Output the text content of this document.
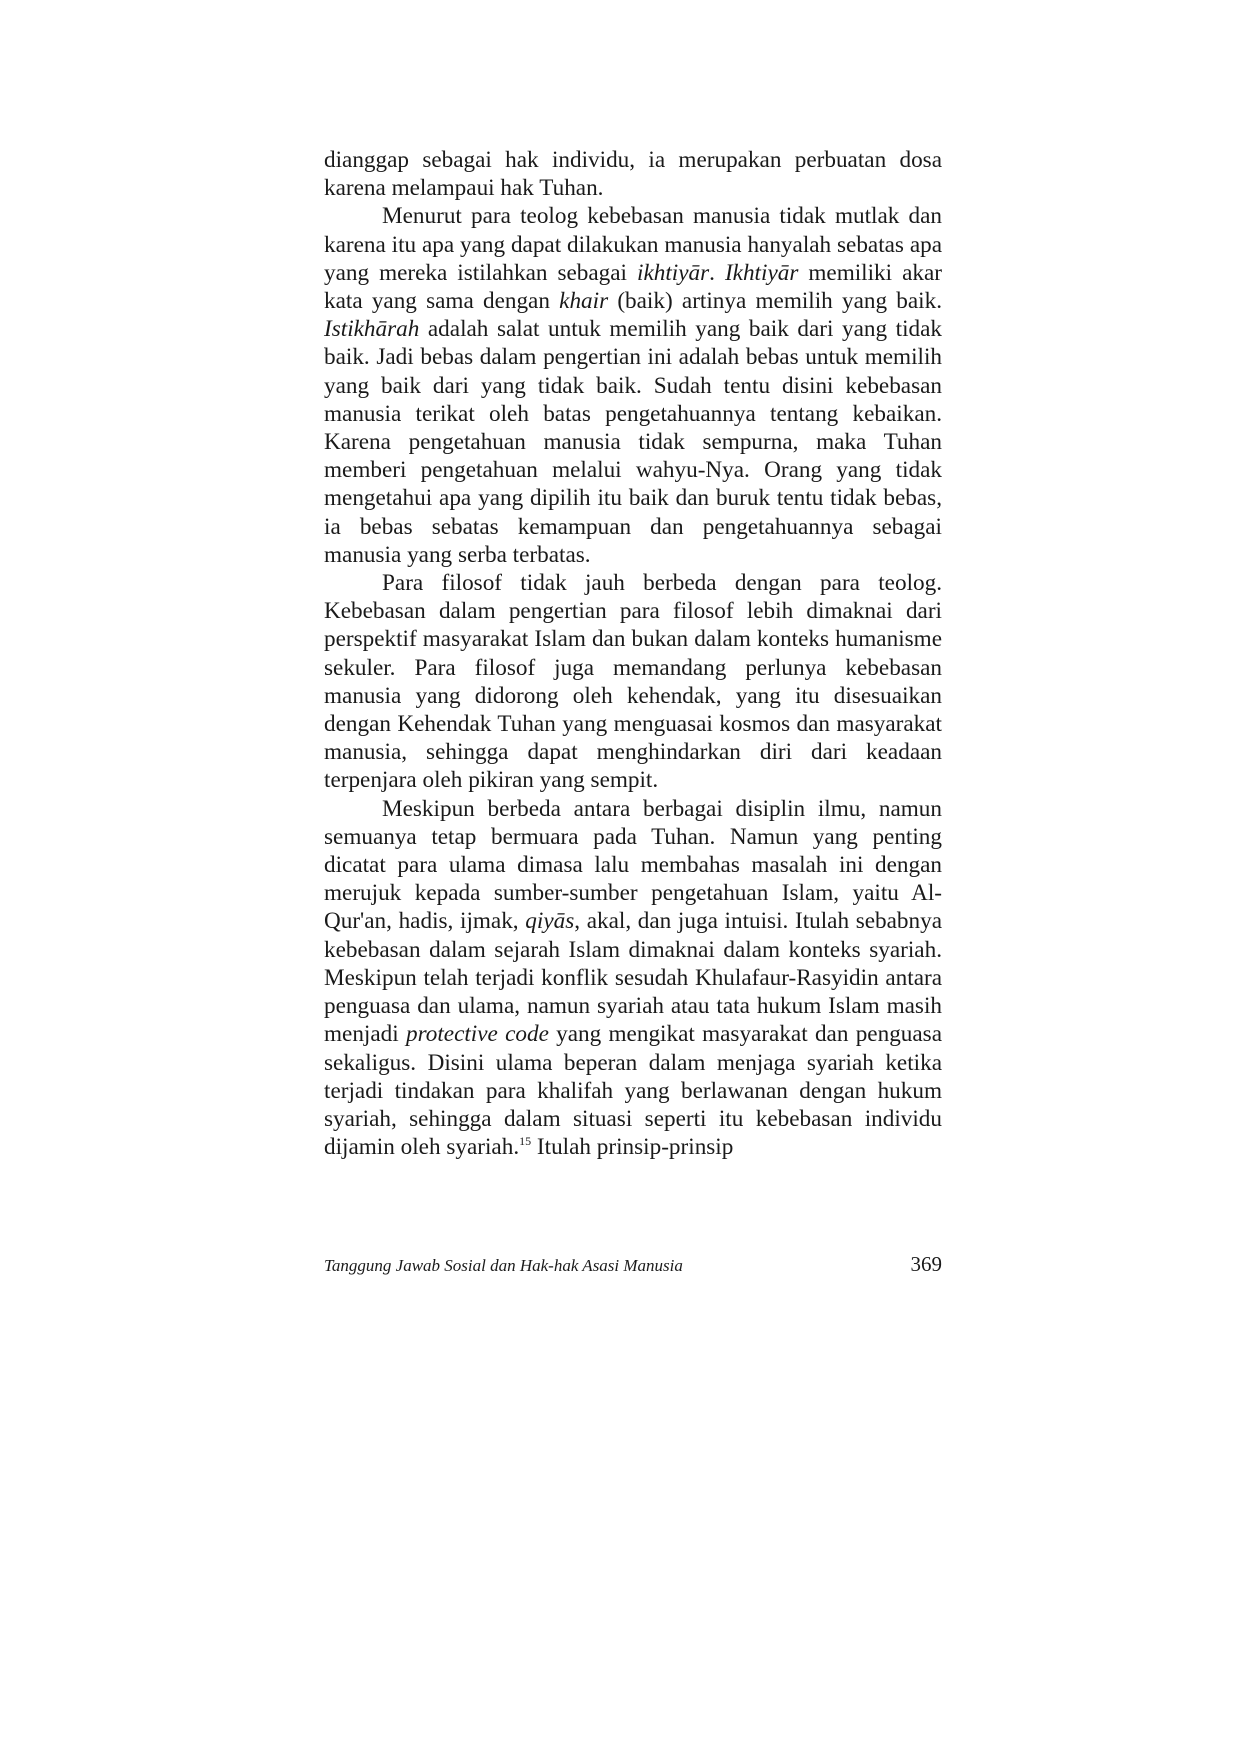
dianggap sebagai hak individu, ia merupakan perbuatan dosa karena melampaui hak Tuhan.

Menurut para teolog kebebasan manusia tidak mutlak dan karena itu apa yang dapat dilakukan manusia hanyalah sebatas apa yang mereka istilahkan sebagai ikhtiyār. Ikhtiyār memiliki akar kata yang sama dengan khair (baik) artinya memilih yang baik. Istikhārah adalah salat untuk memilih yang baik dari yang tidak baik. Jadi bebas dalam pengertian ini adalah bebas untuk memilih yang baik dari yang tidak baik. Sudah tentu disini kebebasan manusia terikat oleh batas pengetahuannya tentang kebaikan. Karena pengetahuan manusia tidak sempurna, maka Tuhan memberi pengetahuan melalui wahyu-Nya. Orang yang tidak mengetahui apa yang dipilih itu baik dan buruk tentu tidak bebas, ia bebas sebatas kemampuan dan pengetahuannya sebagai manusia yang serba terbatas.

Para filosof tidak jauh berbeda dengan para teolog. Kebebasan dalam pengertian para filosof lebih dimaknai dari perspektif masyarakat Islam dan bukan dalam konteks humanisme sekuler. Para filosof juga memandang perlunya kebebasan manusia yang didorong oleh kehendak, yang itu disesuaikan dengan Kehendak Tuhan yang menguasai kosmos dan masyarakat manusia, sehingga dapat menghindarkan diri dari keadaan terpenjara oleh pikiran yang sempit.

Meskipun berbeda antara berbagai disiplin ilmu, namun semuanya tetap bermuara pada Tuhan. Namun yang penting dicatat para ulama dimasa lalu membahas masalah ini dengan merujuk kepada sumber-sumber pengetahuan Islam, yaitu Al-Qur'an, hadis, ijmak, qiyās, akal, dan juga intuisi. Itulah sebabnya kebebasan dalam sejarah Islam dimaknai dalam konteks syariah. Meskipun telah terjadi konflik sesudah Khulafaur-Rasyidin antara penguasa dan ulama, namun syariah atau tata hukum Islam masih menjadi protective code yang mengikat masyarakat dan penguasa sekaligus. Disini ulama beperan dalam menjaga syariah ketika terjadi tindakan para khalifah yang berlawanan dengan hukum syariah, sehingga dalam situasi seperti itu kebebasan individu dijamin oleh syariah.$^{15}$ Itulah prinsip-prinsip

Tanggung Jawab Sosial dan Hak-hak Asasi Manusia	369
